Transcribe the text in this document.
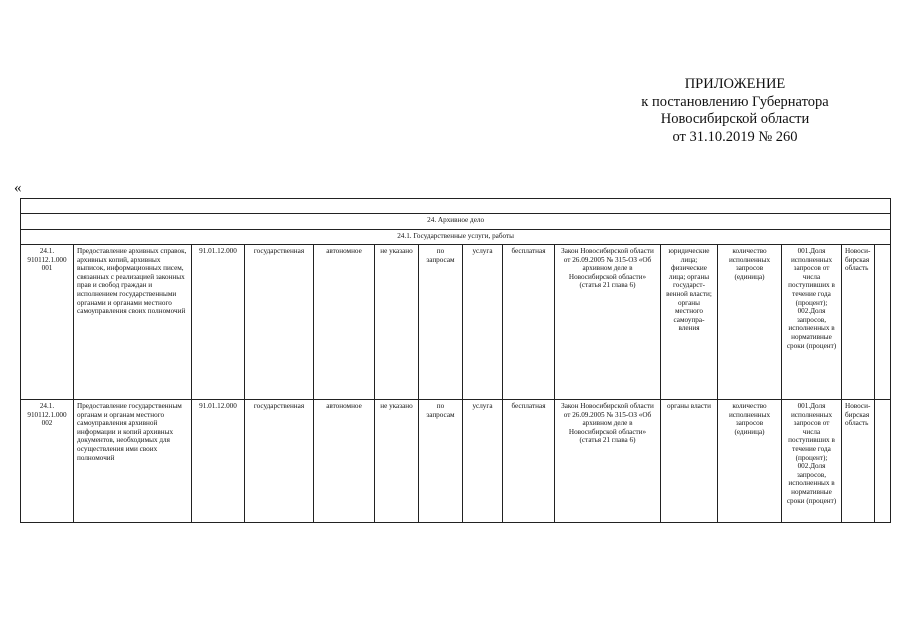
ПРИЛОЖЕНИЕ
к постановлению Губернатора
Новосибирской области
от 31.10.2019 № 260
«

24. Архивное дело														
24.1. Государственные услуги, работы														
24.1. 910112.1.000 001	Предоставление архивных справок, архивных копий, архивных выписок, информационных писем, связанных с реализацией законных прав и свобод граждан и исполнением государственными органами и органами местного самоуправления своих полномочий	91.01.12.000	государственная	автономное	не указано	по запросам	услуга	бесплатная	Закон Новосибирской области от 26.09.2005 № 315-ОЗ «Об архивном деле в Новосибирской области» (статья 21 глава 6)	юридические лица; физические лица; органы государст-венной власти; органы местного самоупра-вления	количество исполненных запросов (единица)	001.Доля исполненных запросов от числа поступивших в течение года (процент); 002.Доля запросов, исполненных в нормативные сроки (процент)	Новоси-бирская область	
24.1. 910112.1.000 002	Предоставление государственным органам и органам местного самоуправления архивной информации и копий архивных документов, необходимых для осуществления ими своих полномочий	91.01.12.000	государственная	автономное	не указано	по запросам	услуга	бесплатная	Закон Новосибирской области от 26.09.2005 № 315-ОЗ «Об архивном деле в Новосибирской области» (статья 21 глава 6)	органы власти	количество исполненных запросов (единица)	001.Доля исполненных запросов от числа поступивших в течение года (процент); 002.Доля запросов, исполненных в нормативные сроки (процент)	Новоси-бирская область	
